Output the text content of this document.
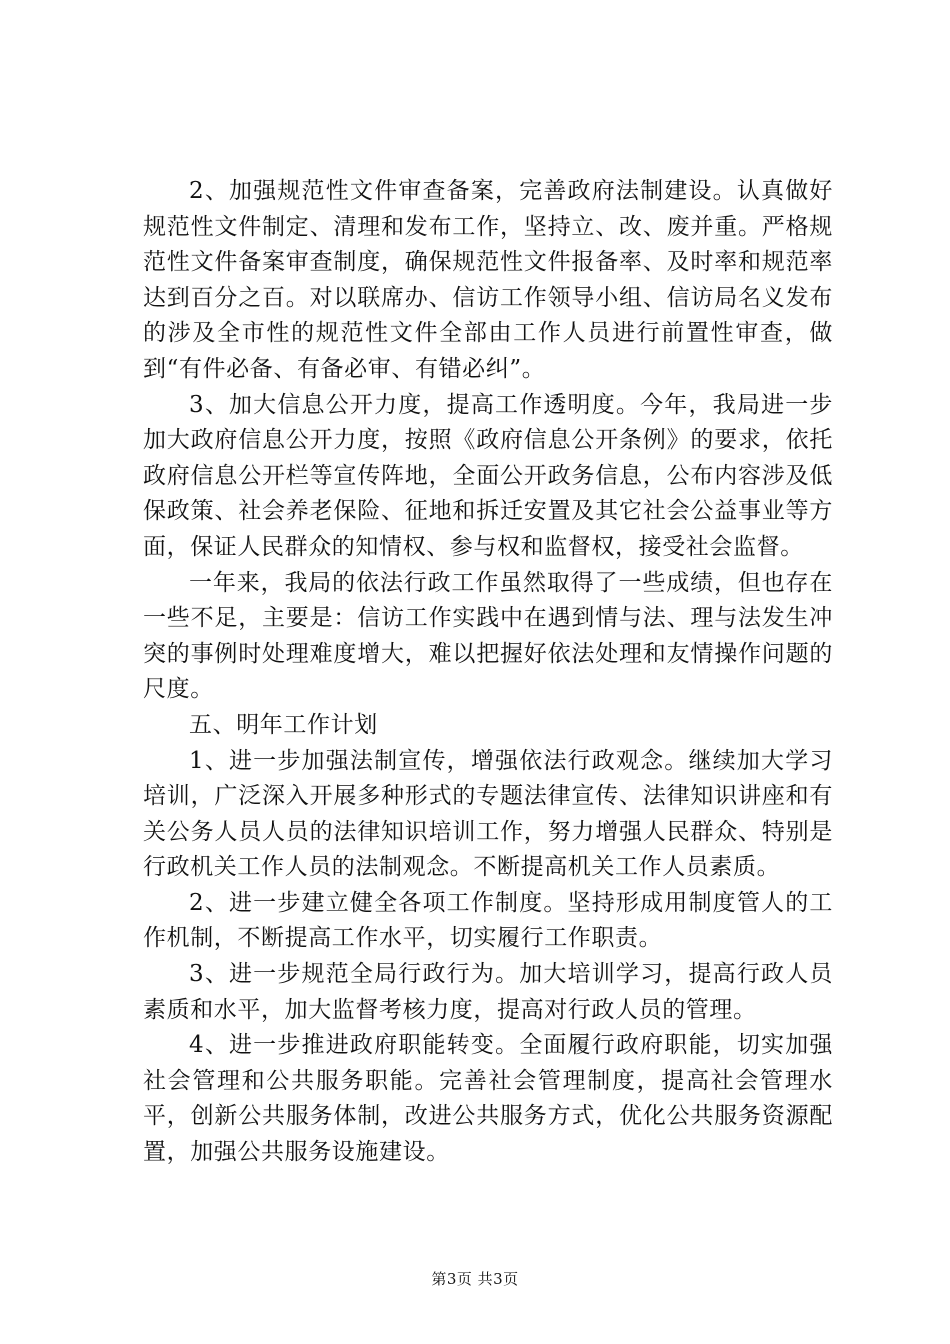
2、加强规范性文件审查备案，完善政府法制建设。认真做好规范性文件制定、清理和发布工作，坚持立、改、废并重。严格规范性文件备案审查制度，确保规范性文件报备率、及时率和规范率达到百分之百。对以联席办、信访工作领导小组、信访局名义发布的涉及全市性的规范性文件全部由工作人员进行前置性审查，做到“有件必备、有备必审、有错必纠”。

3、加大信息公开力度，提高工作透明度。今年，我局进一步加大政府信息公开力度，按照《政府信息公开条例》的要求，依托政府信息公开栏等宣传阵地，全面公开政务信息，公布内容涉及低保政策、社会养老保险、征地和拆迁安置及其它社会公益事业等方面，保证人民群众的知情权、参与权和监督权，接受社会监督。

一年来，我局的依法行政工作虽然取得了一些成绩，但也存在一些不足，主要是：信访工作实践中在遇到情与法、理与法发生冲突的事例时处理难度增大，难以把握好依法处理和友情操作问题的尺度。

五、明年工作计划

1、进一步加强法制宣传，增强依法行政观念。继续加大学习培训，广泛深入开展多种形式的专题法律宣传、法律知识讲座和有关公务人员人员的法律知识培训工作，努力增强人民群众、特别是行政机关工作人员的法制观念。不断提高机关工作人员素质。

2、进一步建立健全各项工作制度。坚持形成用制度管人的工作机制，不断提高工作水平，切实履行工作职责。

3、进一步规范全局行政行为。加大培训学习，提高行政人员素质和水平，加大监督考核力度，提高对行政人员的管理。

4、进一步推进政府职能转变。全面履行政府职能，切实加强社会管理和公共服务职能。完善社会管理制度，提高社会管理水平，创新公共服务体制，改进公共服务方式，优化公共服务资源配置，加强公共服务设施建设。

第3页 共3页
